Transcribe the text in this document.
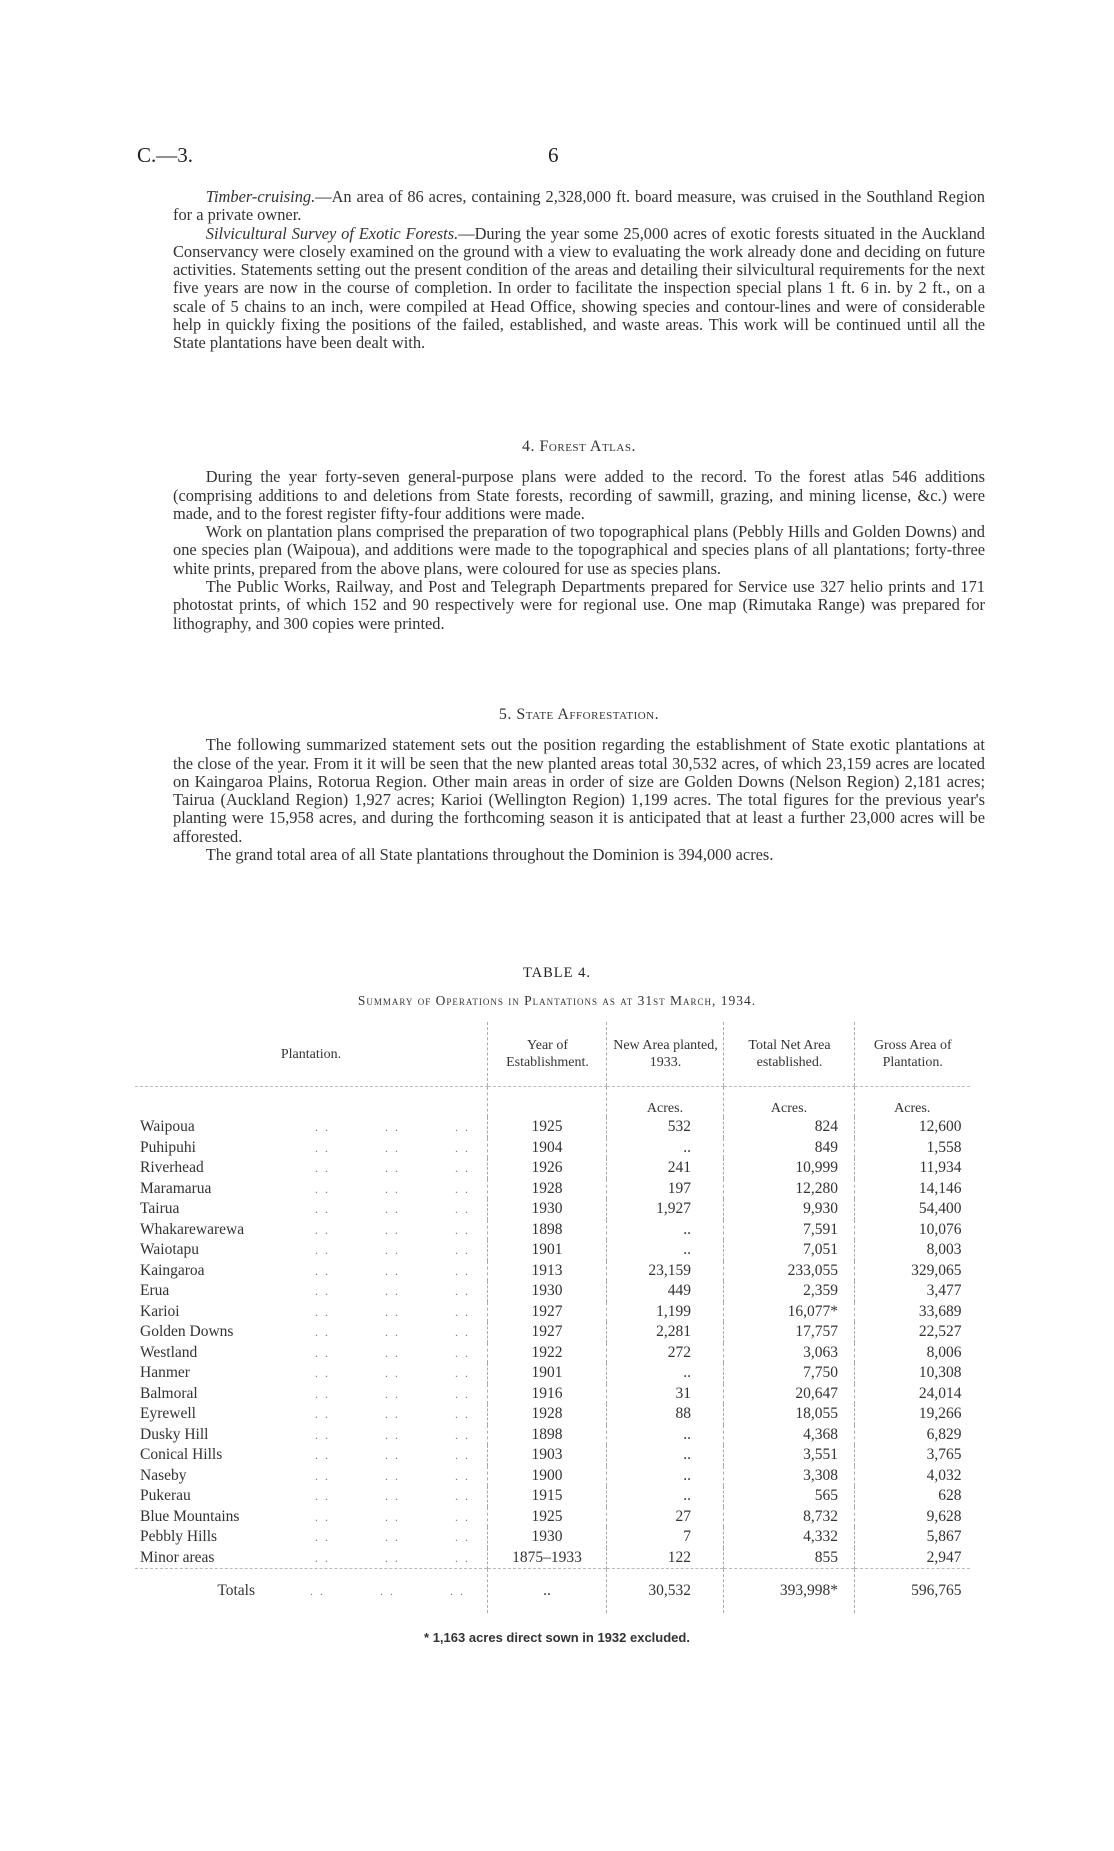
C.—3.	6

Timber-cruising.—An area of 86 acres, containing 2,328,000 ft. board measure, was cruised in the Southland Region for a private owner.

Silvicultural Survey of Exotic Forests.—During the year some 25,000 acres of exotic forests situated in the Auckland Conservancy were closely examined on the ground with a view to evaluating the work already done and deciding on future activities. Statements setting out the present condition of the areas and detailing their silvicultural requirements for the next five years are now in the course of completion. In order to facilitate the inspection special plans 1 ft. 6 in. by 2 ft., on a scale of 5 chains to an inch, were compiled at Head Office, showing species and contour-lines and were of considerable help in quickly fixing the positions of the failed, established, and waste areas. This work will be continued until all the State plantations have been dealt with.

4. Forest Atlas.

During the year forty-seven general-purpose plans were added to the record. To the forest atlas 546 additions (comprising additions to and deletions from State forests, recording of sawmill, grazing, and mining license, &c.) were made, and to the forest register fifty-four additions were made.

Work on plantation plans comprised the preparation of two topographical plans (Pebbly Hills and Golden Downs) and one species plan (Waipoua), and additions were made to the topographical and species plans of all plantations; forty-three white prints, prepared from the above plans, were coloured for use as species plans.

The Public Works, Railway, and Post and Telegraph Departments prepared for Service use 327 helio prints and 171 photostat prints, of which 152 and 90 respectively were for regional use. One map (Rimutaka Range) was prepared for lithography, and 300 copies were printed.

5. State Afforestation.

The following summarized statement sets out the position regarding the establishment of State exotic plantations at the close of the year. From it it will be seen that the new planted areas total 30,532 acres, of which 23,159 acres are located on Kaingaroa Plains, Rotorua Region. Other main areas in order of size are Golden Downs (Nelson Region) 2,181 acres; Tairua (Auckland Region) 1,927 acres; Karioi (Wellington Region) 1,199 acres. The total figures for the previous year's planting were 15,958 acres, and during the forthcoming season it is anticipated that at least a further 23,000 acres will be afforested.

The grand total area of all State plantations throughout the Dominion is 394,000 acres.

TABLE 4.
Summary of Operations in Plantations as at 31st March, 1934.
Plantation.	Year of Establishment.	New Area planted, 1933.	Total Net Area established.	Gross Area of Plantation.
		Acres.	Acres.	Acres.
Waipoua . . . . . .	1925	532	824	12,600
Puhipuhi . . . . . .	1904	..	849	1,558
Riverhead . . . . . .	1926	241	10,999	11,934
Maramarua . . . . . .	1928	197	12,280	14,146
Tairua . . . . . .	1930	1,927	9,930	54,400
Whakarewarewa . . . . . .	1898	..	7,591	10,076
Waiotapu . . . . . .	1901	..	7,051	8,003
Kaingaroa . . . . . .	1913	23,159	233,055	329,065
Erua . . . . . .	1930	449	2,359	3,477
Karioi . . . . . .	1927	1,199	16,077*	33,689
Golden Downs . . . . . .	1927	2,281	17,757	22,527
Westland . . . . . .	1922	272	3,063	8,006
Hanmer . . . . . .	1901	..	7,750	10,308
Balmoral . . . . . .	1916	31	20,647	24,014
Eyrewell . . . . . .	1928	88	18,055	19,266
Dusky Hill . . . . . .	1898	..	4,368	6,829
Conical Hills . . . . . .	1903	..	3,551	3,765
Naseby . . . . . .	1900	..	3,308	4,032
Pukerau . . . . . .	1915	..	565	628
Blue Mountains . . . . . .	1925	27	8,732	9,628
Pebbly Hills . . . . . .	1930	7	4,332	5,867
Minor areas . . . . . .	1875–1933	122	855	2,947
Totals . . . . . .	..	30,532	393,998*	596,765
* 1,163 acres direct sown in 1932 excluded.
